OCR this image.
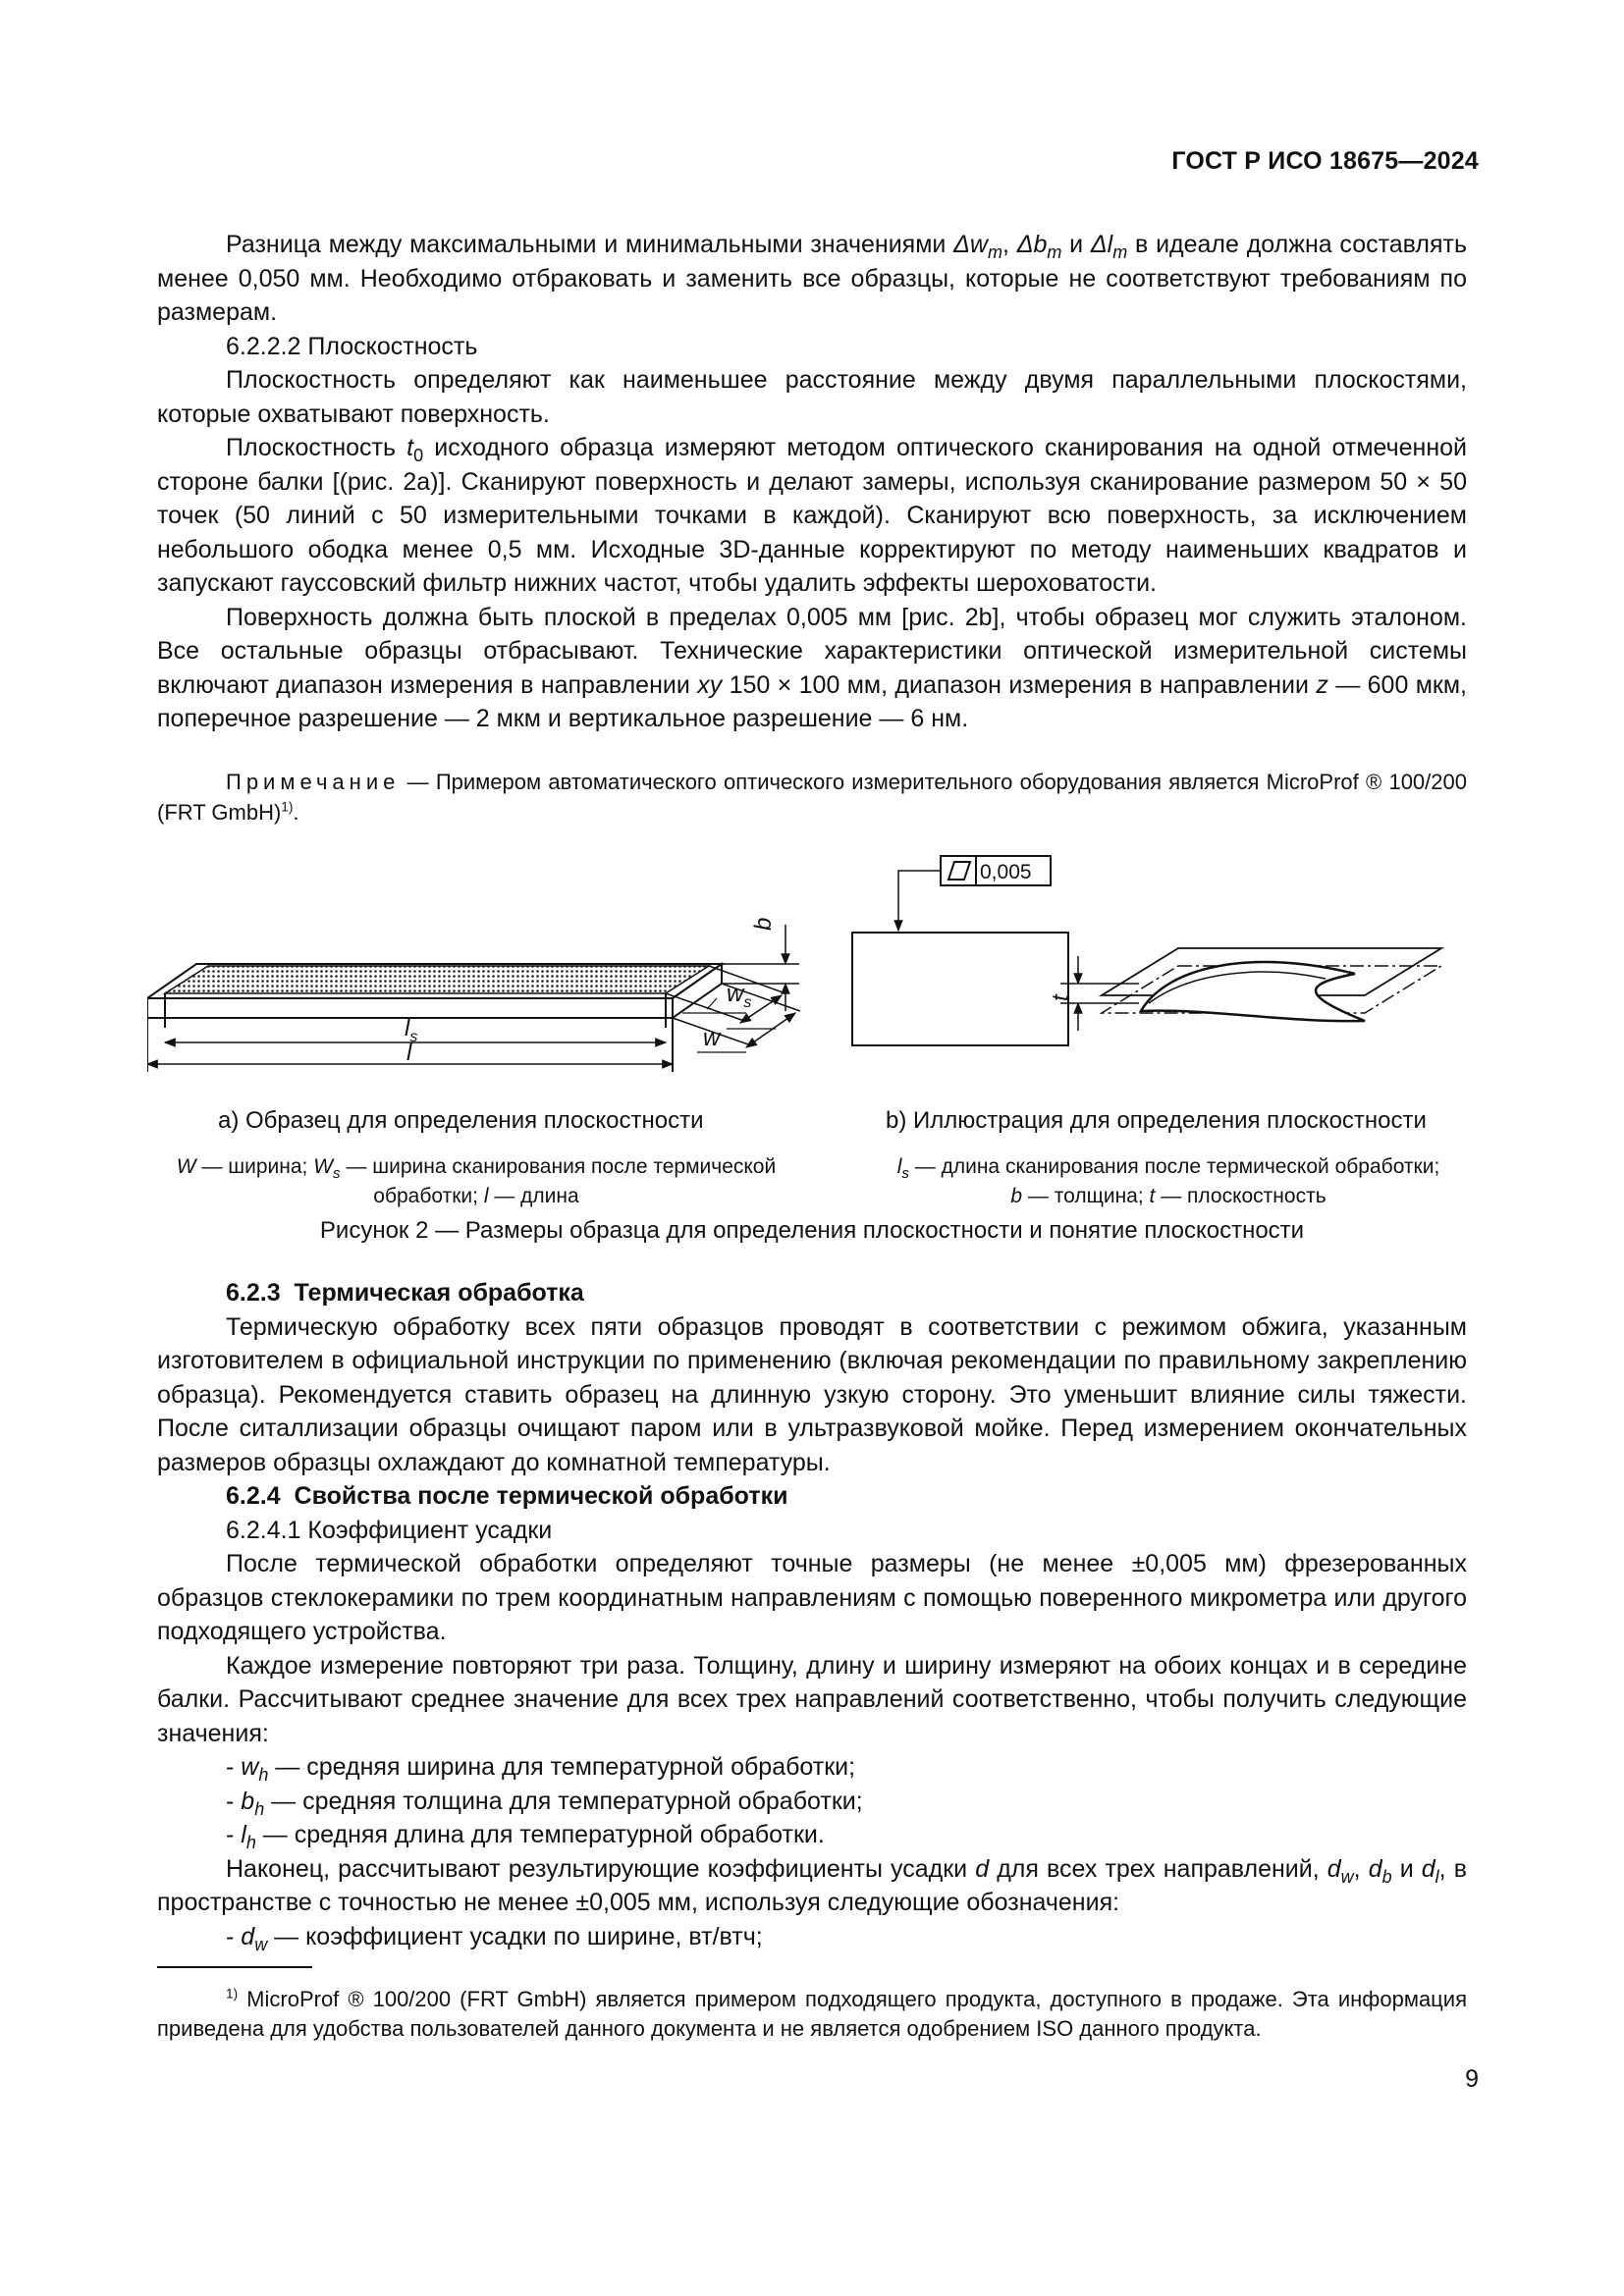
ГОСТ Р ИСО 18675—2024

Разница между максимальными и минимальными значениями $\Delta w_m$, $\Delta b_m$ и $\Delta l_m$ в идеале должна составлять менее 0,050 мм. Необходимо отбраковать и заменить все образцы, которые не соответствуют требованиям по размерам.

6.2.2.2 Плоскостность

Плоскостность определяют как наименьшее расстояние между двумя параллельными плоскостями, которые охватывают поверхность.

Плоскостность $t_0$ исходного образца измеряют методом оптического сканирования на одной отмеченной стороне балки [(рис. 2a)]. Сканируют поверхность и делают замеры, используя сканирование размером 50 × 50 точек (50 линий с 50 измерительными точками в каждой). Сканируют всю поверхность, за исключением небольшого ободка менее 0,5 мм. Исходные 3D-данные корректируют по методу наименьших квадратов и запускают гауссовский фильтр нижних частот, чтобы удалить эффекты шероховатости.

Поверхность должна быть плоской в пределах 0,005 мм [рис. 2b], чтобы образец мог служить эталоном. Все остальные образцы отбрасывают. Технические характеристики оптической измерительной системы включают диапазон измерения в направлении xy 150 × 100 мм, диапазон измерения в направлении z — 600 мкм, поперечное разрешение — 2 мкм и вертикальное разрешение — 6 нм.

Примечание — Примером автоматического оптического измерительного оборудования является MicroProf ® 100/200 (FRT GmbH)$^{1)}$.

0,005
b
$w_s$
w
$l_s$
l
t
а) Образец для определения плоскостности	b) Иллюстрация для определения плоскостности
W — ширина; $W_s$ — ширина сканирования после термической
обработки; l — длина
$l_s$ — длина сканирования после термической обработки;
b — толщина; t — плоскостность
Рисунок 2 — Размеры образца для определения плоскостности и понятие плоскостности

6.2.3 Термическая обработка

Термическую обработку всех пяти образцов проводят в соответствии с режимом обжига, указанным изготовителем в официальной инструкции по применению (включая рекомендации по правильному закреплению образца). Рекомендуется ставить образец на длинную узкую сторону. Это уменьшит влияние силы тяжести. После ситаллизации образцы очищают паром или в ультразвуковой мойке. Перед измерением окончательных размеров образцы охлаждают до комнатной температуры.

6.2.4 Свойства после термической обработки

6.2.4.1 Коэффициент усадки

После термической обработки определяют точные размеры (не менее ±0,005 мм) фрезерованных образцов стеклокерамики по трем координатным направлениям с помощью поверенного микрометра или другого подходящего устройства.

Каждое измерение повторяют три раза. Толщину, длину и ширину измеряют на обоих концах и в середине балки. Рассчитывают среднее значение для всех трех направлений соответственно, чтобы получить следующие значения:

- $w_h$ — средняя ширина для температурной обработки;

- $b_h$ — средняя толщина для температурной обработки;

- $l_h$ — средняя длина для температурной обработки.

Наконец, рассчитывают результирующие коэффициенты усадки d для всех трех направлений, $d_w$, $d_b$ и $d_l$, в пространстве с точностью не менее ±0,005 мм, используя следующие обозначения:

- $d_w$ — коэффициент усадки по ширине, вт/втч;

$^{1)}$ MicroProf ® 100/200 (FRT GmbH) является примером подходящего продукта, доступного в продаже. Эта информация приведена для удобства пользователей данного документа и не является одобрением ISO данного продукта.

9
